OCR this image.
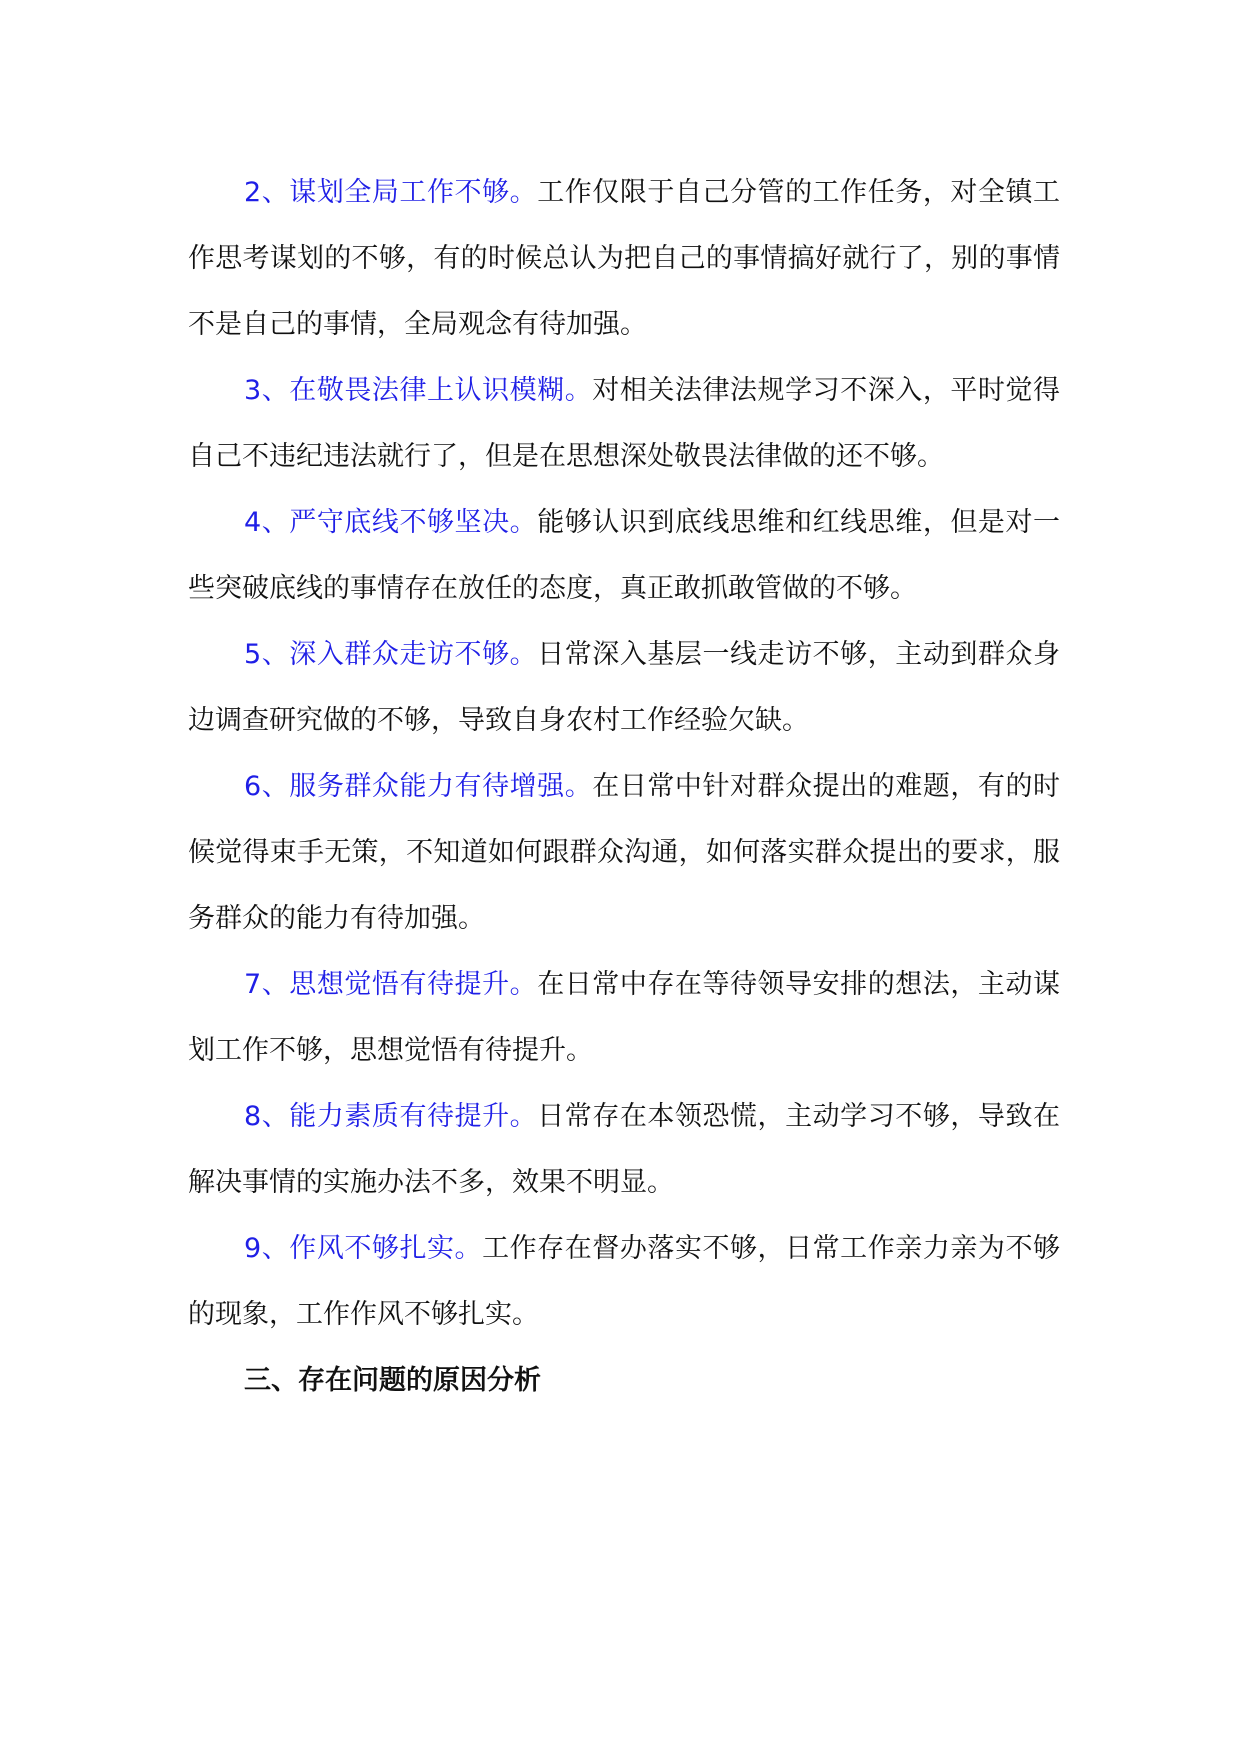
2、谋划全局工作不够。工作仅限于自己分管的工作任务，对全镇工作思考谋划的不够，有的时候总认为把自己的事情搞好就行了，别的事情不是自己的事情，全局观念有待加强。

3、在敬畏法律上认识模糊。对相关法律法规学习不深入，平时觉得自己不违纪违法就行了，但是在思想深处敬畏法律做的还不够。

4、严守底线不够坚决。能够认识到底线思维和红线思维，但是对一些突破底线的事情存在放任的态度，真正敢抓敢管做的不够。

5、深入群众走访不够。日常深入基层一线走访不够，主动到群众身边调查研究做的不够，导致自身农村工作经验欠缺。

6、服务群众能力有待增强。在日常中针对群众提出的难题，有的时候觉得束手无策，不知道如何跟群众沟通，如何落实群众提出的要求，服务群众的能力有待加强。

7、思想觉悟有待提升。在日常中存在等待领导安排的想法，主动谋划工作不够，思想觉悟有待提升。

8、能力素质有待提升。日常存在本领恐慌，主动学习不够，导致在解决事情的实施办法不多，效果不明显。

9、作风不够扎实。工作存在督办落实不够，日常工作亲力亲为不够的现象，工作作风不够扎实。

三、存在问题的原因分析
